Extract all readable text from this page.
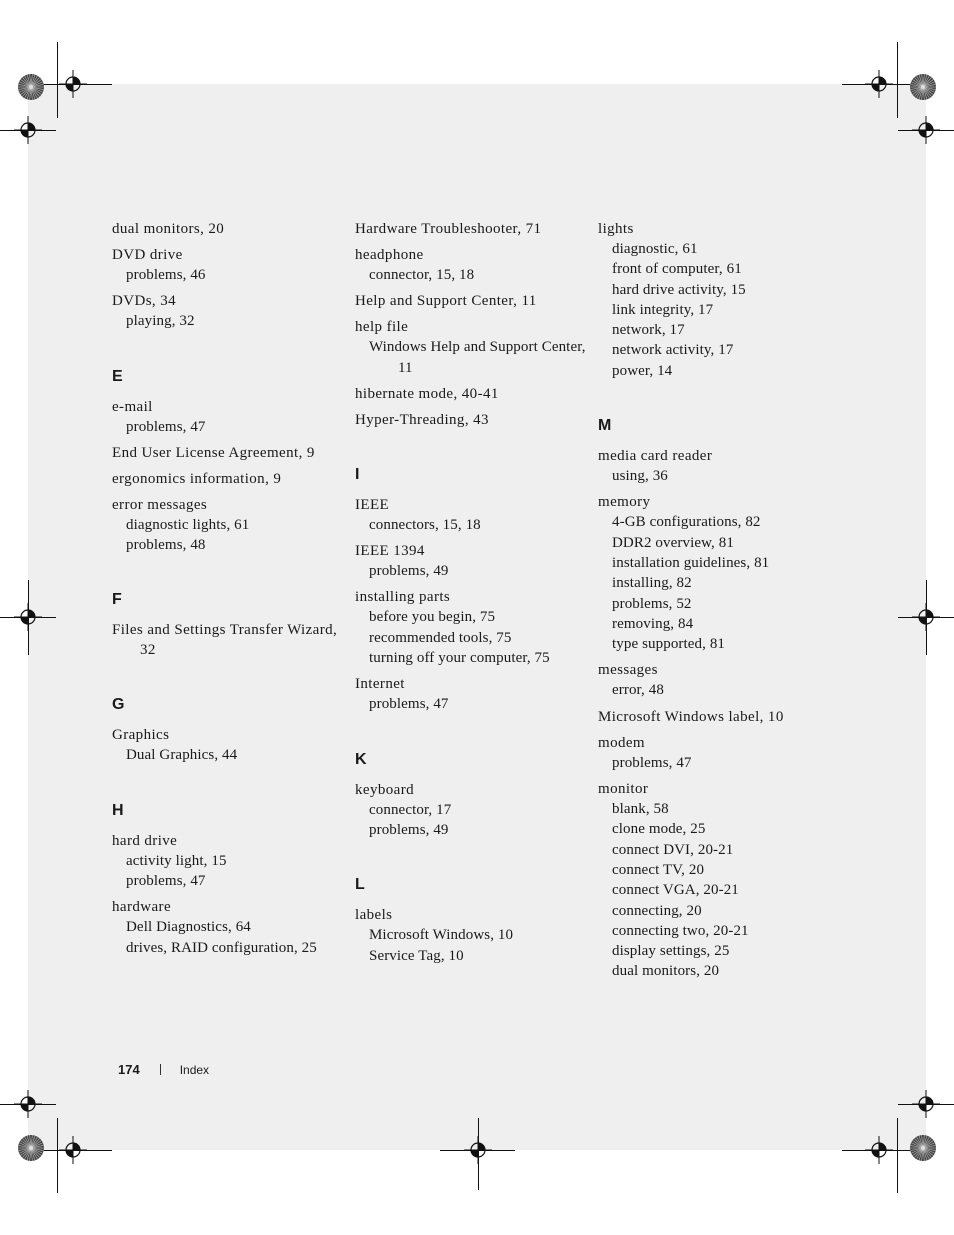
dual monitors, 20
DVD drive
problems, 46
DVDs, 34
playing, 32
E
e-mail
problems, 47
End User License Agreement, 9
ergonomics information, 9
error messages
diagnostic lights, 61
problems, 48
F
Files and Settings Transfer Wizard, 32
G
Graphics
Dual Graphics, 44
H
hard drive
activity light, 15
problems, 47
hardware
Dell Diagnostics, 64
drives, RAID configuration, 25
Hardware Troubleshooter, 71
headphone
connector, 15, 18
Help and Support Center, 11
help file
Windows Help and Support Center, 11
hibernate mode, 40-41
Hyper-Threading, 43
I
IEEE
connectors, 15, 18
IEEE 1394
problems, 49
installing parts
before you begin, 75
recommended tools, 75
turning off your computer, 75
Internet
problems, 47
K
keyboard
connector, 17
problems, 49
L
labels
Microsoft Windows, 10
Service Tag, 10
lights
diagnostic, 61
front of computer, 61
hard drive activity, 15
link integrity, 17
network, 17
network activity, 17
power, 14
M
media card reader
using, 36
memory
4-GB configurations, 82
DDR2 overview, 81
installation guidelines, 81
installing, 82
problems, 52
removing, 84
type supported, 81
messages
error, 48
Microsoft Windows label, 10
modem
problems, 47
monitor
blank, 58
clone mode, 25
connect DVI, 20-21
connect TV, 20
connect VGA, 20-21
connecting, 20
connecting two, 20-21
display settings, 25
dual monitors, 20
174	Index
